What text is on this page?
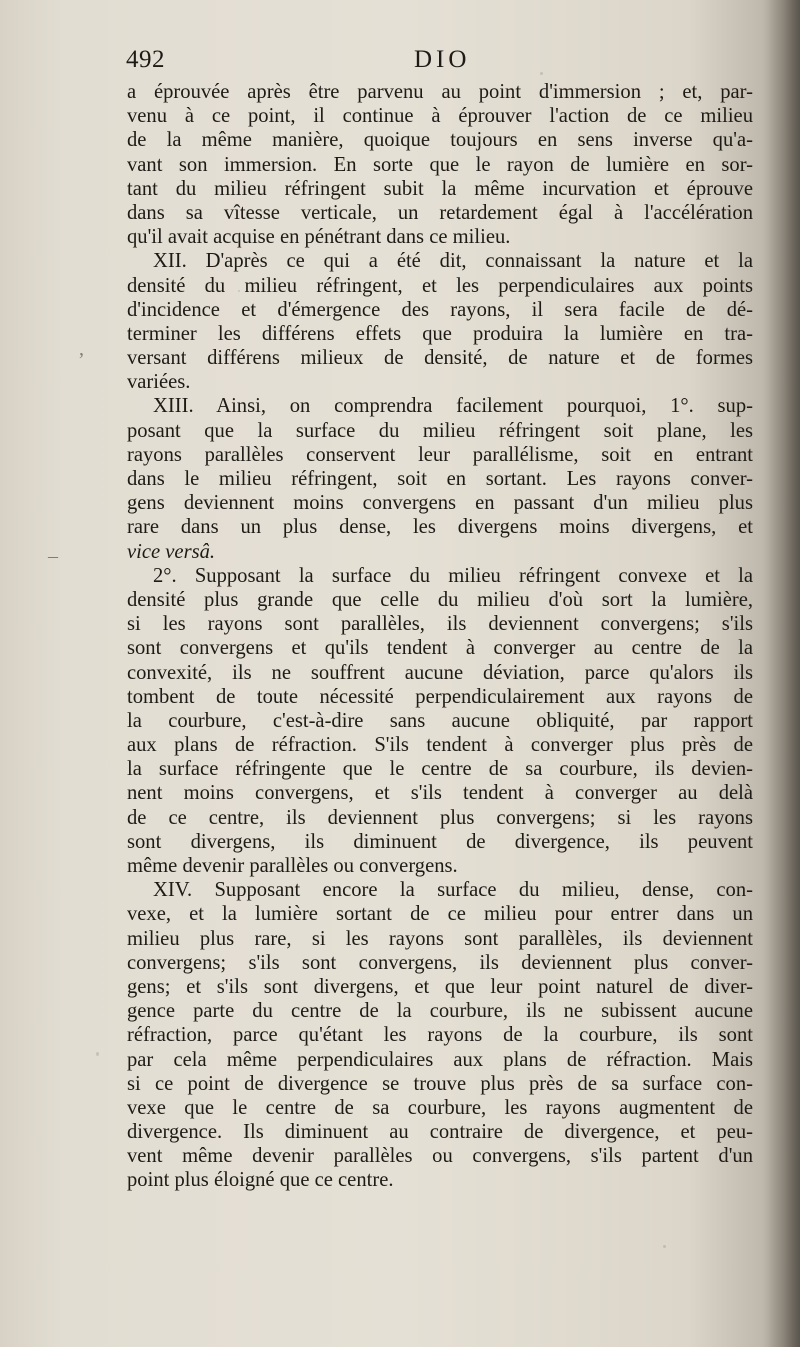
‒
‚
492	DIO
a éprouvée après être parvenu au point d'immersion ; et, par-
venu à ce point, il continue à éprouver l'action de ce milieu
de la même manière, quoique toujours en sens inverse qu'a-
vant son immersion. En sorte que le rayon de lumière en sor-
tant du milieu réfringent subit la même incurvation et éprouve
dans sa vîtesse verticale, un retardement égal à l'accélération
qu'il avait acquise en pénétrant dans ce milieu.
XII. D'après ce qui a été dit, connaissant la nature et la
densité du milieu réfringent, et les perpendiculaires aux points
d'incidence et d'émergence des rayons, il sera facile de dé-
terminer les différens effets que produira la lumière en tra-
versant différens milieux de densité, de nature et de formes
variées.
XIII. Ainsi, on comprendra facilement pourquoi, 1°. sup-
posant que la surface du milieu réfringent soit plane, les
rayons parallèles conservent leur parallélisme, soit en entrant
dans le milieu réfringent, soit en sortant. Les rayons conver-
gens deviennent moins convergens en passant d'un milieu plus
rare dans un plus dense, les divergens moins divergens, et
vice versâ.
2°. Supposant la surface du milieu réfringent convexe et la
densité plus grande que celle du milieu d'où sort la lumière,
si les rayons sont parallèles, ils deviennent convergens; s'ils
sont convergens et qu'ils tendent à converger au centre de la
convexité, ils ne souffrent aucune déviation, parce qu'alors ils
tombent de toute nécessité perpendiculairement aux rayons de
la courbure, c'est-à-dire sans aucune obliquité, par rapport
aux plans de réfraction. S'ils tendent à converger plus près de
la surface réfringente que le centre de sa courbure, ils devien-
nent moins convergens, et s'ils tendent à converger au delà
de ce centre, ils deviennent plus convergens; si les rayons
sont divergens, ils diminuent de divergence, ils peuvent
même devenir parallèles ou convergens.
XIV. Supposant encore la surface du milieu, dense, con-
vexe, et la lumière sortant de ce milieu pour entrer dans un
milieu plus rare, si les rayons sont parallèles, ils deviennent
convergens; s'ils sont convergens, ils deviennent plus conver-
gens; et s'ils sont divergens, et que leur point naturel de diver-
gence parte du centre de la courbure, ils ne subissent aucune
réfraction, parce qu'étant les rayons de la courbure, ils sont
par cela même perpendiculaires aux plans de réfraction. Mais
si ce point de divergence se trouve plus près de sa surface con-
vexe que le centre de sa courbure, les rayons augmentent de
divergence. Ils diminuent au contraire de divergence, et peu-
vent même devenir parallèles ou convergens, s'ils partent d'un
point plus éloigné que ce centre.
